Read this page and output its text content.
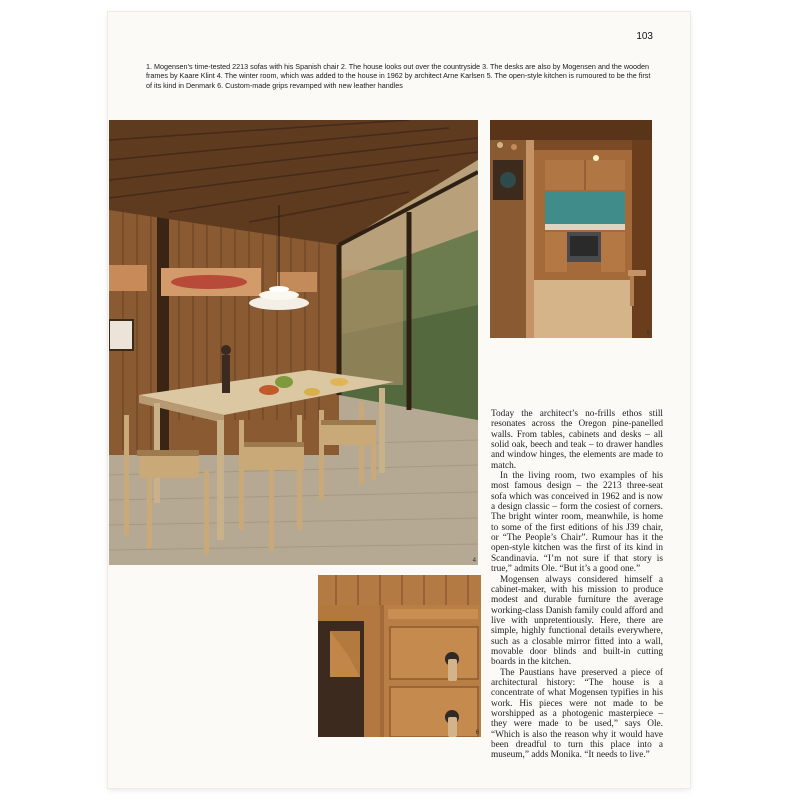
103

1. Mogensen’s time-tested 2213 sofas with his Spanish chair 2. The house looks out over the countryside 3. The desks are also by Mogensen and the wooden frames by Kaare Klint 4. The winter room, which was added to the house in 1962 by architect Arne Karlsen 5. The open-style kitchen is rumoured to be the first of its kind in Denmark 6. Custom-made grips revamped with new leather handles

4
5
6

Today the architect’s no-frills ethos still resonates across the Oregon pine-panelled walls. From tables, cabinets and desks – all solid oak, beech and teak – to drawer handles and window hinges, the elements are made to match.

In the living room, two examples of his most famous design – the 2213 three-seat sofa which was conceived in 1962 and is now a design classic – form the cosiest of corners. The bright winter room, meanwhile, is home to some of the first editions of his J39 chair, or “The People’s Chair”. Rumour has it the open-style kitchen was the first of its kind in Scandinavia. “I’m not sure if that story is true,” admits Ole. “But it’s a good one.”

Mogensen always considered himself a cabinet-maker, with his mission to produce modest and durable furniture the average working-class Danish family could afford and live with unpretentiously. Here, there are simple, highly functional details everywhere, such as a closable mirror fitted into a wall, movable door blinds and built-in cutting boards in the kitchen.

The Paustians have preserved a piece of architectural history: “The house is a concentrate of what Mogensen typifies in his work. His pieces were not made to be worshipped as a photogenic masterpiece – they were made to be used,” says Ole. “Which is also the reason why it would have been dreadful to turn this place into a museum,” adds Monika. “It needs to live.”
